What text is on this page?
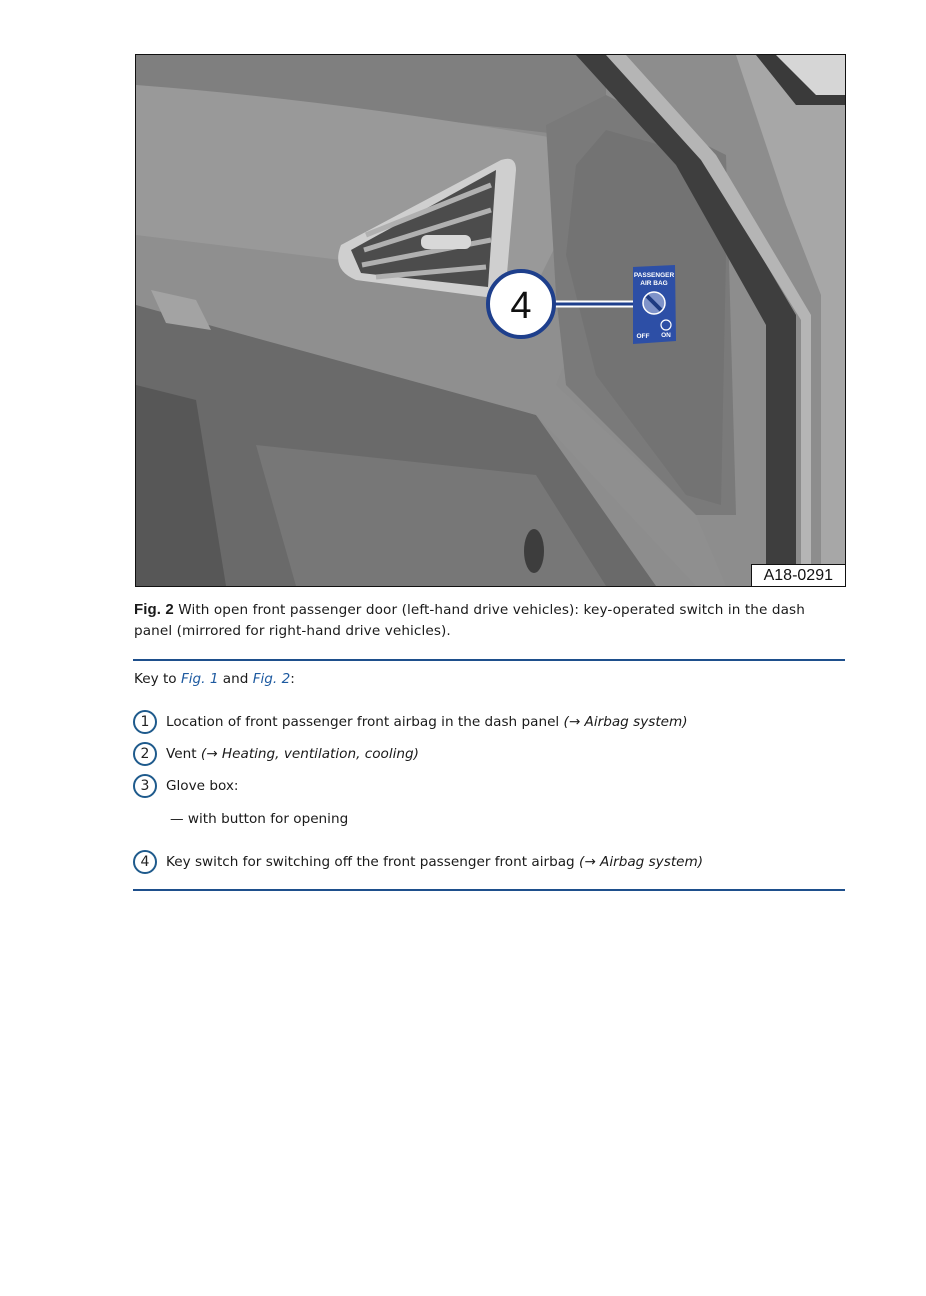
4
PASSENGER
AIR BAG
OFF ON
A18-0291
Fig. 2 With open front passenger door (left-hand drive vehicles): key-operated switch in the dash panel (mirrored for right-hand drive vehicles).
Key to Fig. 1 and Fig. 2:
1	Location of front passenger front airbag in the dash panel
(→ Airbag system)
2	Vent
(→ Heating, ventilation, cooling)
3	Glove box:
— with button for opening
4	Key switch for switching off the front passenger front airbag
(→ Airbag system)
